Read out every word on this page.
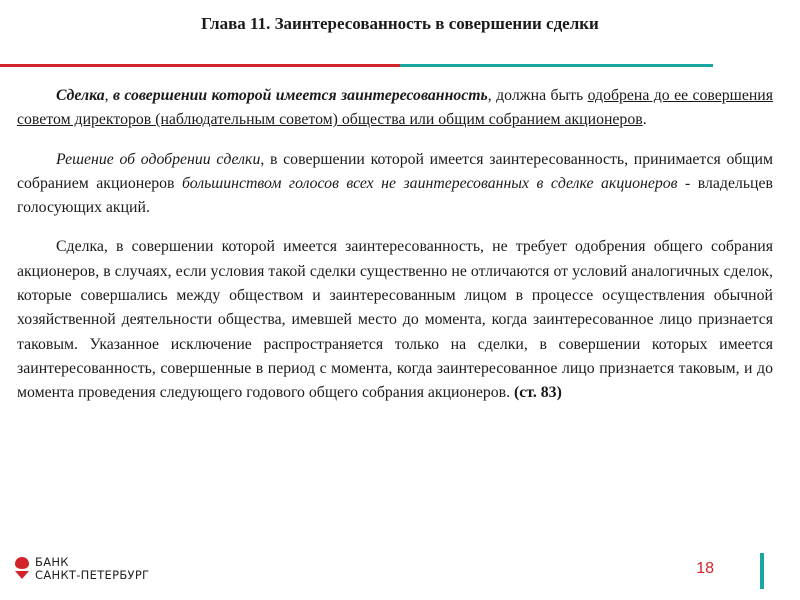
Глава 11. Заинтересованность в совершении сделки

Сделка, в совершении которой имеется заинтересованность, должна быть одобрена до ее совершения советом директоров (наблюдательным советом) общества или общим собранием акционеров.

Решение об одобрении сделки, в совершении которой имеется заинтересованность, принимается общим собранием акционеров большинством голосов всех не заинтересованных в сделке акционеров - владельцев голосующих акций.

Сделка, в совершении которой имеется заинтересованность, не требует одобрения общего собрания акционеров, в случаях, если условия такой сделки существенно не отличаются от условий аналогичных сделок, которые совершались между обществом и заинтересованным лицом в процессе осуществления обычной хозяйственной деятельности общества, имевшей место до момента, когда заинтересованное лицо признается таковым. Указанное исключение распространяется только на сделки, в совершении которых имеется заинтересованность, совершенные в период с момента, когда заинтересованное лицо признается таковым, и до момента проведения следующего годового общего собрания акционеров. (ст. 83)

БАНК
САНКТ-ПЕТЕРБУРГ	18
